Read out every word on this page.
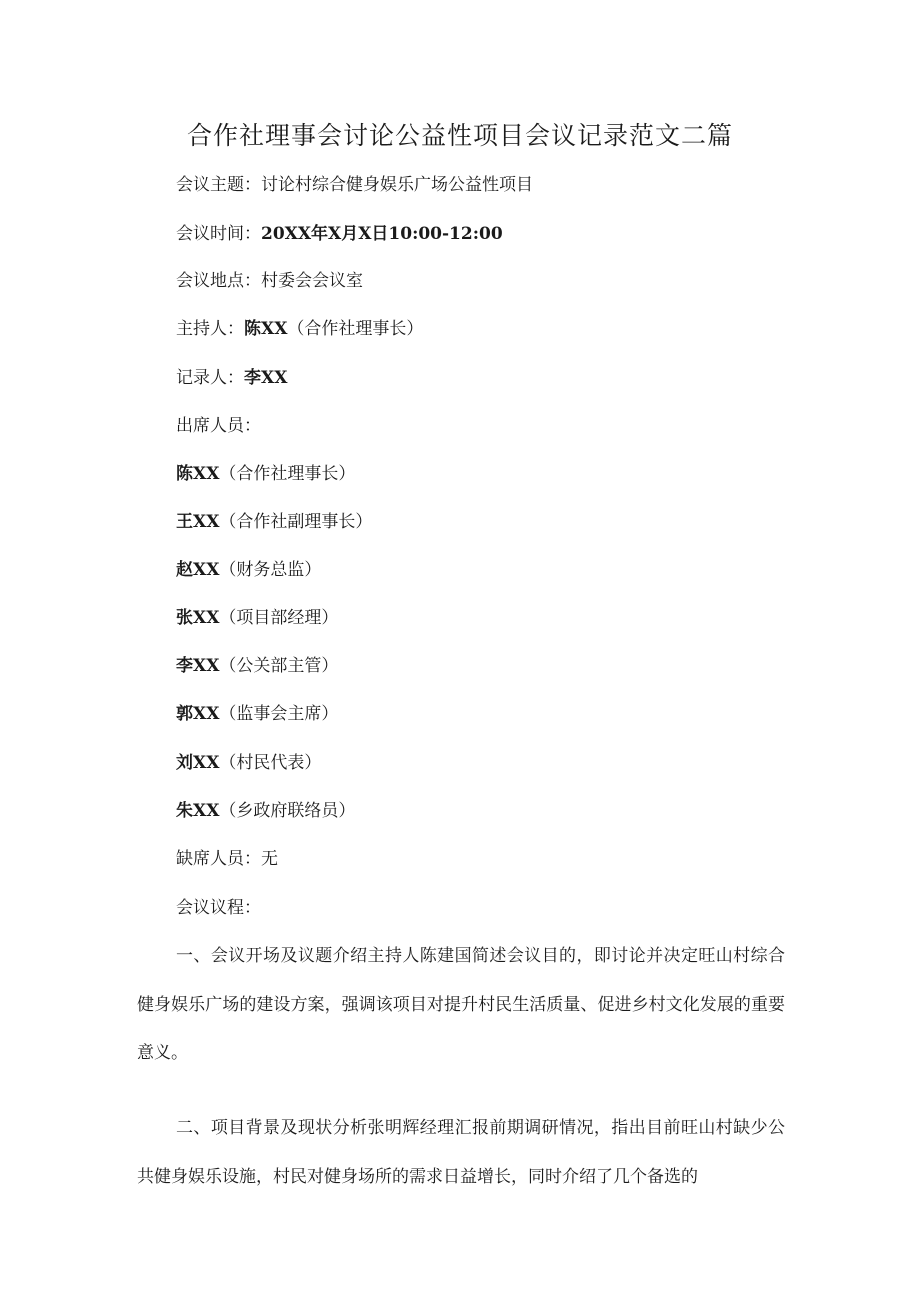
合作社理事会讨论公益性项目会议记录范文二篇
会议主题：讨论村综合健身娱乐广场公益性项目
会议时间：20XX年X月X日10:00-12:00
会议地点：村委会会议室
主持人：陈XX（合作社理事长）
记录人：李XX
出席人员：
陈XX（合作社理事长）
王XX（合作社副理事长）
赵XX（财务总监）
张XX（项目部经理）
李XX（公关部主管）
郭XX（监事会主席）
刘XX（村民代表）
朱XX（乡政府联络员）
缺席人员：无
会议议程：

一、会议开场及议题介绍主持人陈建国简述会议目的，即讨论并决定旺山村综合健身娱乐广场的建设方案，强调该项目对提升村民生活质量、促进乡村文化发展的重要意义。

二、项目背景及现状分析张明辉经理汇报前期调研情况，指出目前旺山村缺少公共健身娱乐设施，村民对健身场所的需求日益增长，同时介绍了几个备选的
